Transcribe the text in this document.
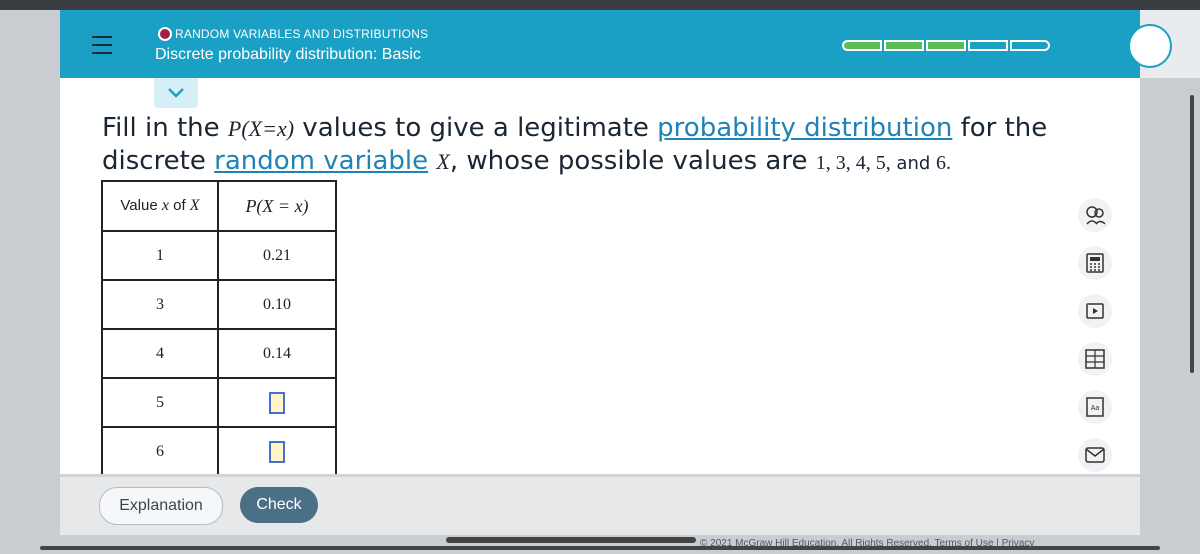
RANDOM VARIABLES AND DISTRIBUTIONS
Discrete probability distribution: Basic
Fill in the P(X=x) values to give a legitimate probability distribution for the discrete random variable X, whose possible values are 1, 3, 4, 5, and 6.
Value x of X	P(X = x)
1	0.21
3	0.10
4	0.14
5	
6	
Aa
Explanation	Check
© 2021 McGraw Hill Education. All Rights Reserved. Terms of Use | Privacy
